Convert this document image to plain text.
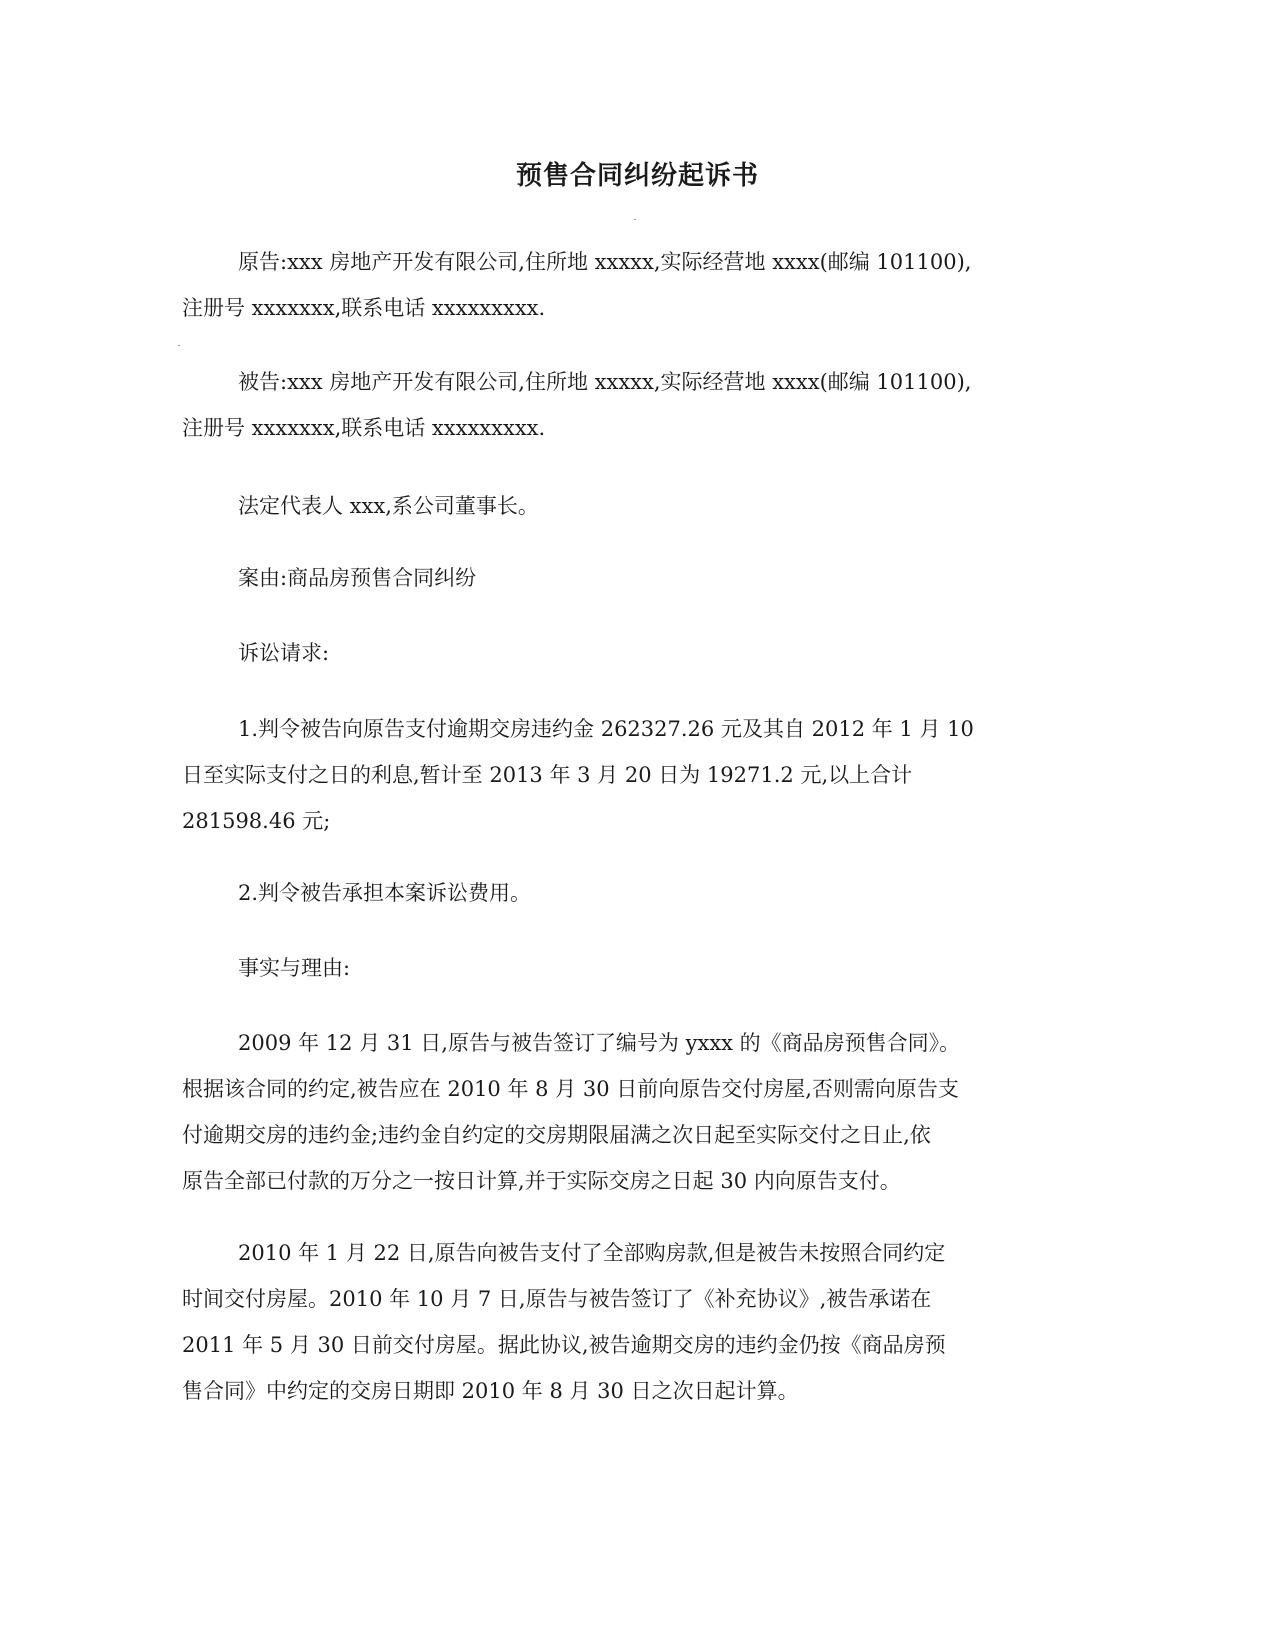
预售合同纠纷起诉书

原告:xxx 房地产开发有限公司,住所地 xxxxx,实际经营地 xxxx(邮编 101100),
注册号 xxxxxxx,联系电话 xxxxxxxxx.

被告:xxx 房地产开发有限公司,住所地 xxxxx,实际经营地 xxxx(邮编 101100),
注册号 xxxxxxx,联系电话 xxxxxxxxx.

法定代表人 xxx,系公司董事长。

案由:商品房预售合同纠纷

诉讼请求:

1.判令被告向原告支付逾期交房违约金 262327.26 元及其自 2012 年 1 月 10
日至实际支付之日的利息,暂计至 2013 年 3 月 20 日为 19271.2 元,以上合计
281598.46 元;

2.判令被告承担本案诉讼费用。

事实与理由:

2009 年 12 月 31 日,原告与被告签订了编号为 yxxx 的《商品房预售合同》。
根据该合同的约定,被告应在 2010 年 8 月 30 日前向原告交付房屋,否则需向原告支
付逾期交房的违约金;违约金自约定的交房期限届满之次日起至实际交付之日止,依
原告全部已付款的万分之一按日计算,并于实际交房之日起 30 内向原告支付。

2010 年 1 月 22 日,原告向被告支付了全部购房款,但是被告未按照合同约定
时间交付房屋。2010 年 10 月 7 日,原告与被告签订了《补充协议》,被告承诺在
2011 年 5 月 30 日前交付房屋。据此协议,被告逾期交房的违约金仍按《商品房预
售合同》中约定的交房日期即 2010 年 8 月 30 日之次日起计算。
